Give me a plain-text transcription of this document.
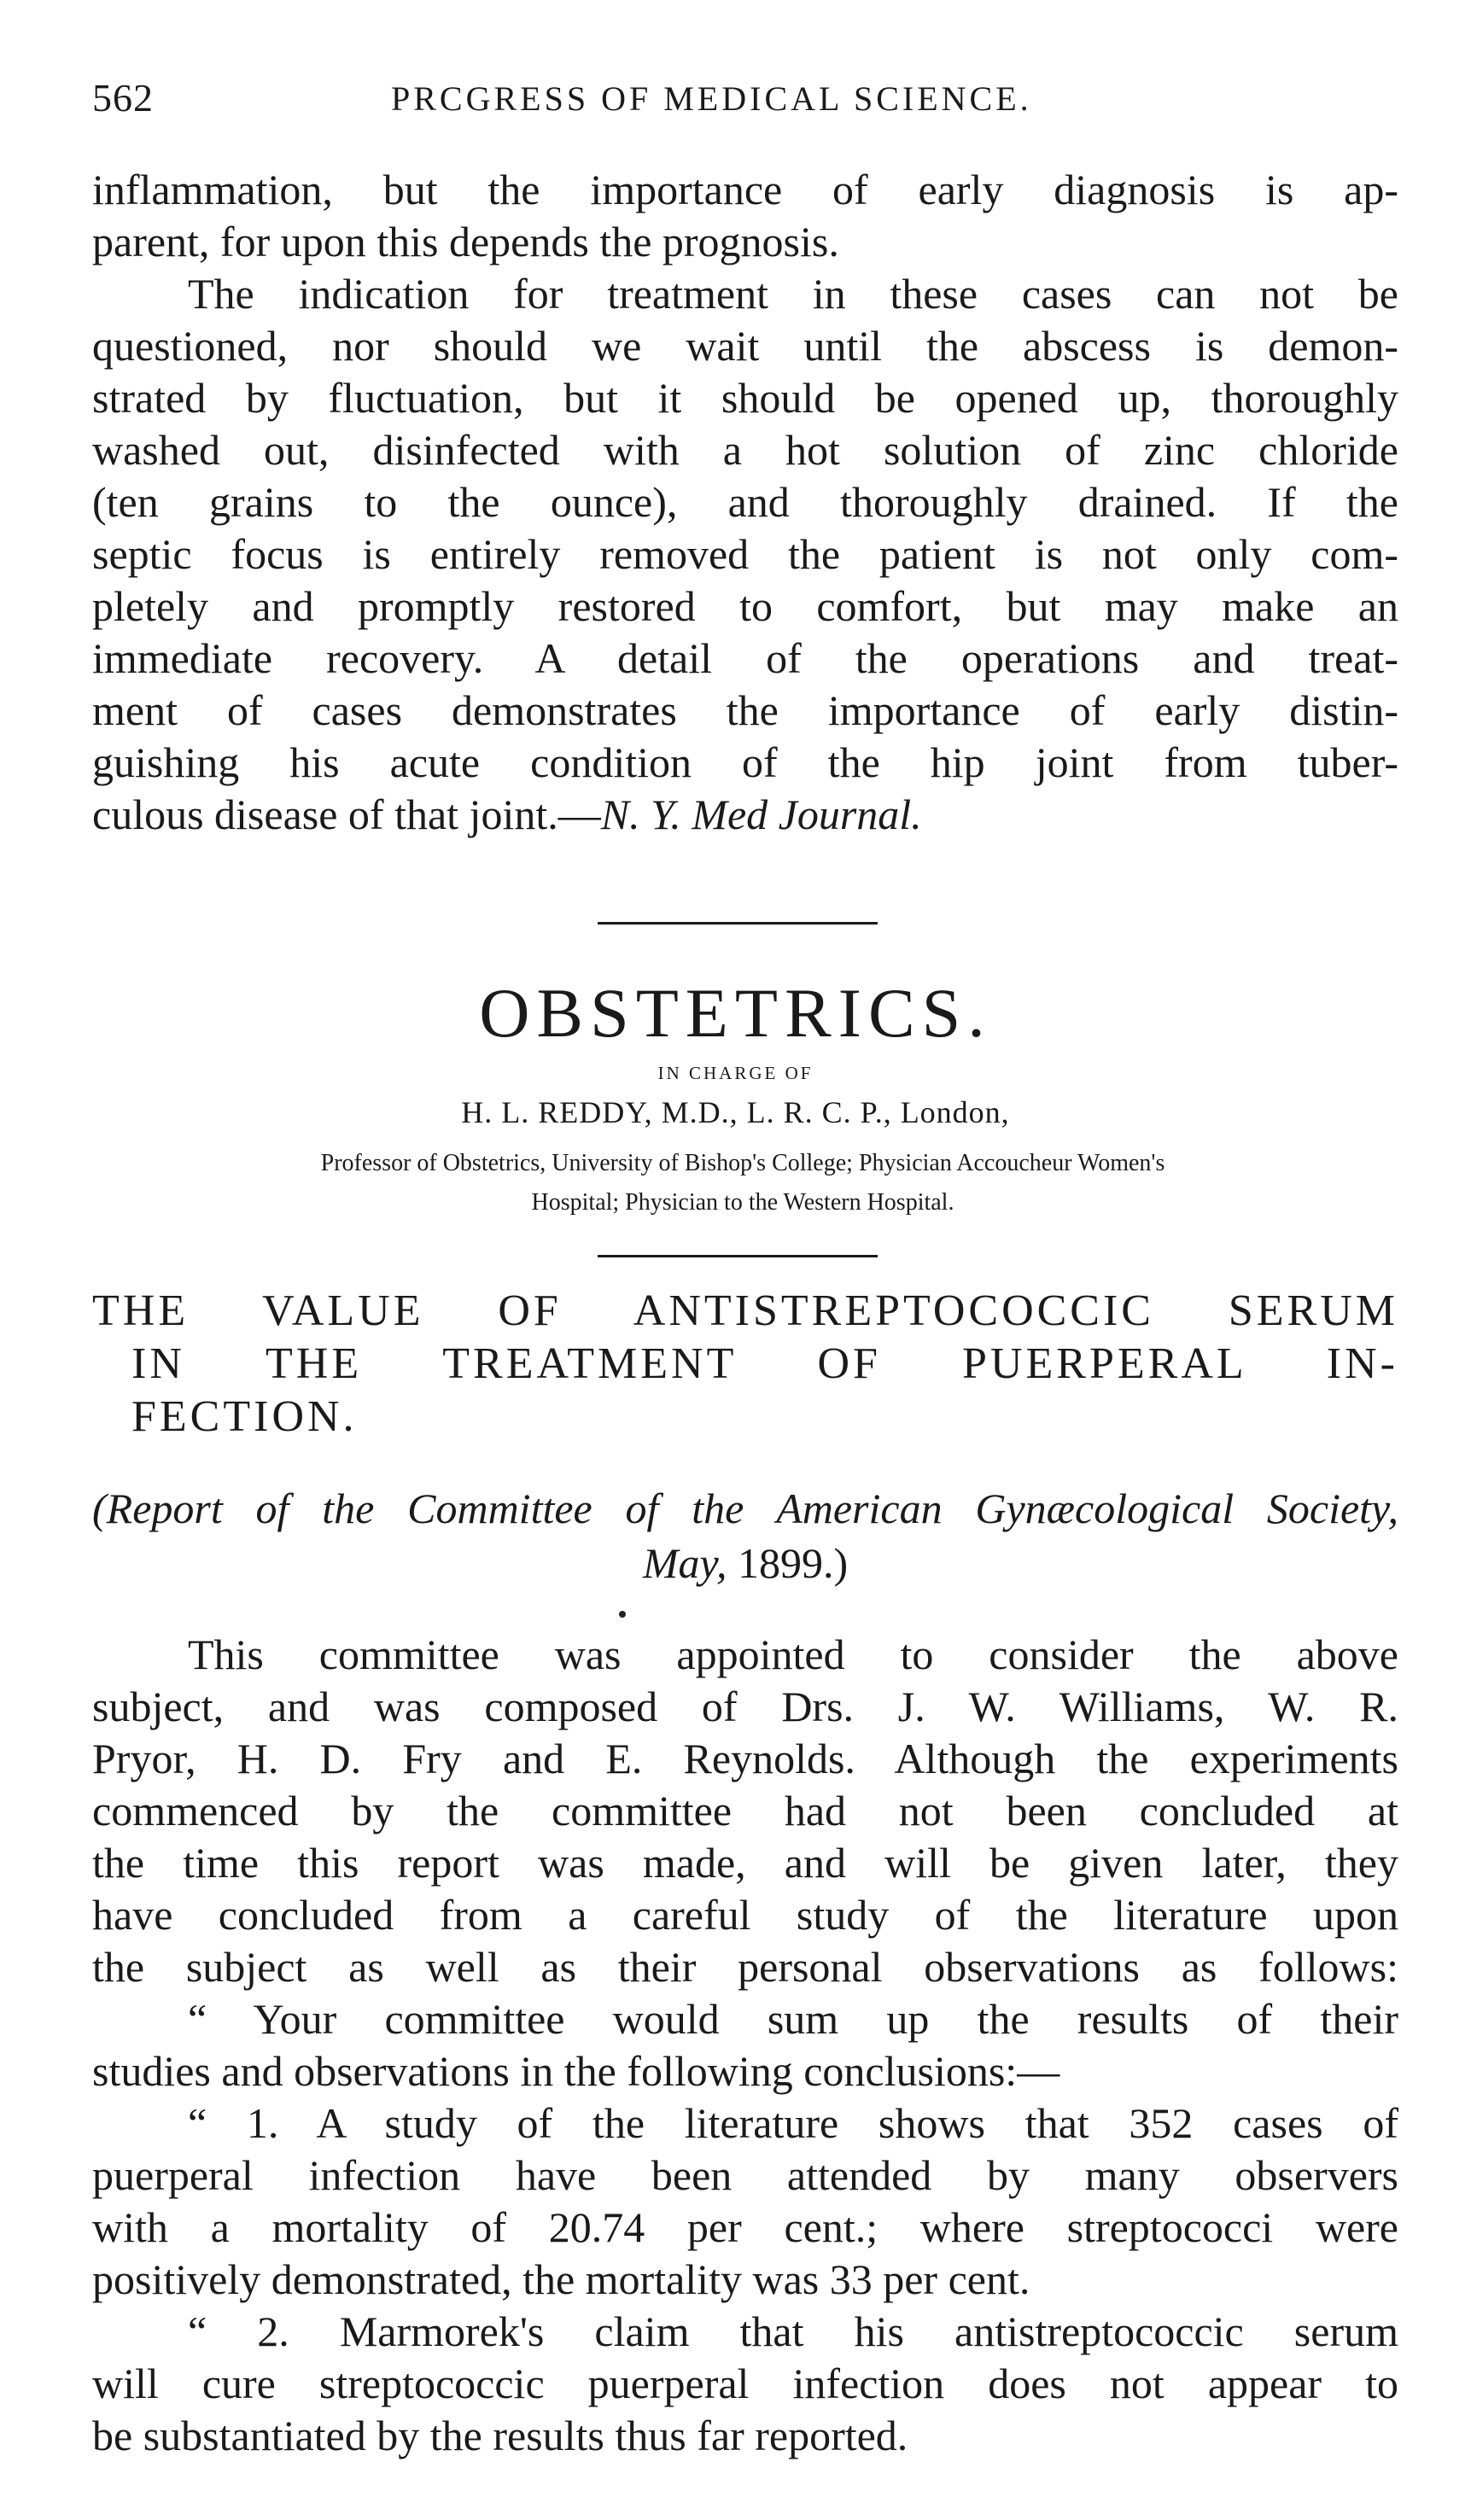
562	PRCGRESS OF MEDICAL SCIENCE.
inflammation, but the importance of early diagnosis is ap-
parent, for upon this depends the prognosis.
The indication for treatment in these cases can not be
questioned, nor should we wait until the abscess is demon-
strated by fluctuation, but it should be opened up, thoroughly
washed out, disinfected with a hot solution of zinc chloride
(ten grains to the ounce), and thoroughly drained. If the
septic focus is entirely removed the patient is not only com-
pletely and promptly restored to comfort, but may make an
immediate recovery. A detail of the operations and treat-
ment of cases demonstrates the importance of early distin-
guishing his acute condition of the hip joint from tuber-
culous disease of that joint.—N. Y. Med Journal.
OBSTETRICS.
IN CHARGE OF
H. L. REDDY, M.D., L. R. C. P., London,
Professor of Obstetrics, University of Bishop's College; Physician Accoucheur Women's
Hospital; Physician to the Western Hospital.
THE VALUE OF ANTISTREPTOCOCCIC SERUM
IN THE TREATMENT OF PUERPERAL IN-
FECTION.
(Report of the Committee of the American Gynæcological Society,
May, 1899.)
This committee was appointed to consider the above
subject, and was composed of Drs. J. W. Williams, W. R.
Pryor, H. D. Fry and E. Reynolds. Although the experiments
commenced by the committee had not been concluded at
the time this report was made, and will be given later, they
have concluded from a careful study of the literature upon
the subject as well as their personal observations as follows:
“ Your committee would sum up the results of their
studies and observations in the following conclusions:—
“ 1. A study of the literature shows that 352 cases of
puerperal infection have been attended by many observers
with a mortality of 20.74 per cent.; where streptococci were
positively demonstrated, the mortality was 33 per cent.
“ 2. Marmorek's claim that his antistreptococcic serum
will cure streptococcic puerperal infection does not appear to
be substantiated by the results thus far reported.
